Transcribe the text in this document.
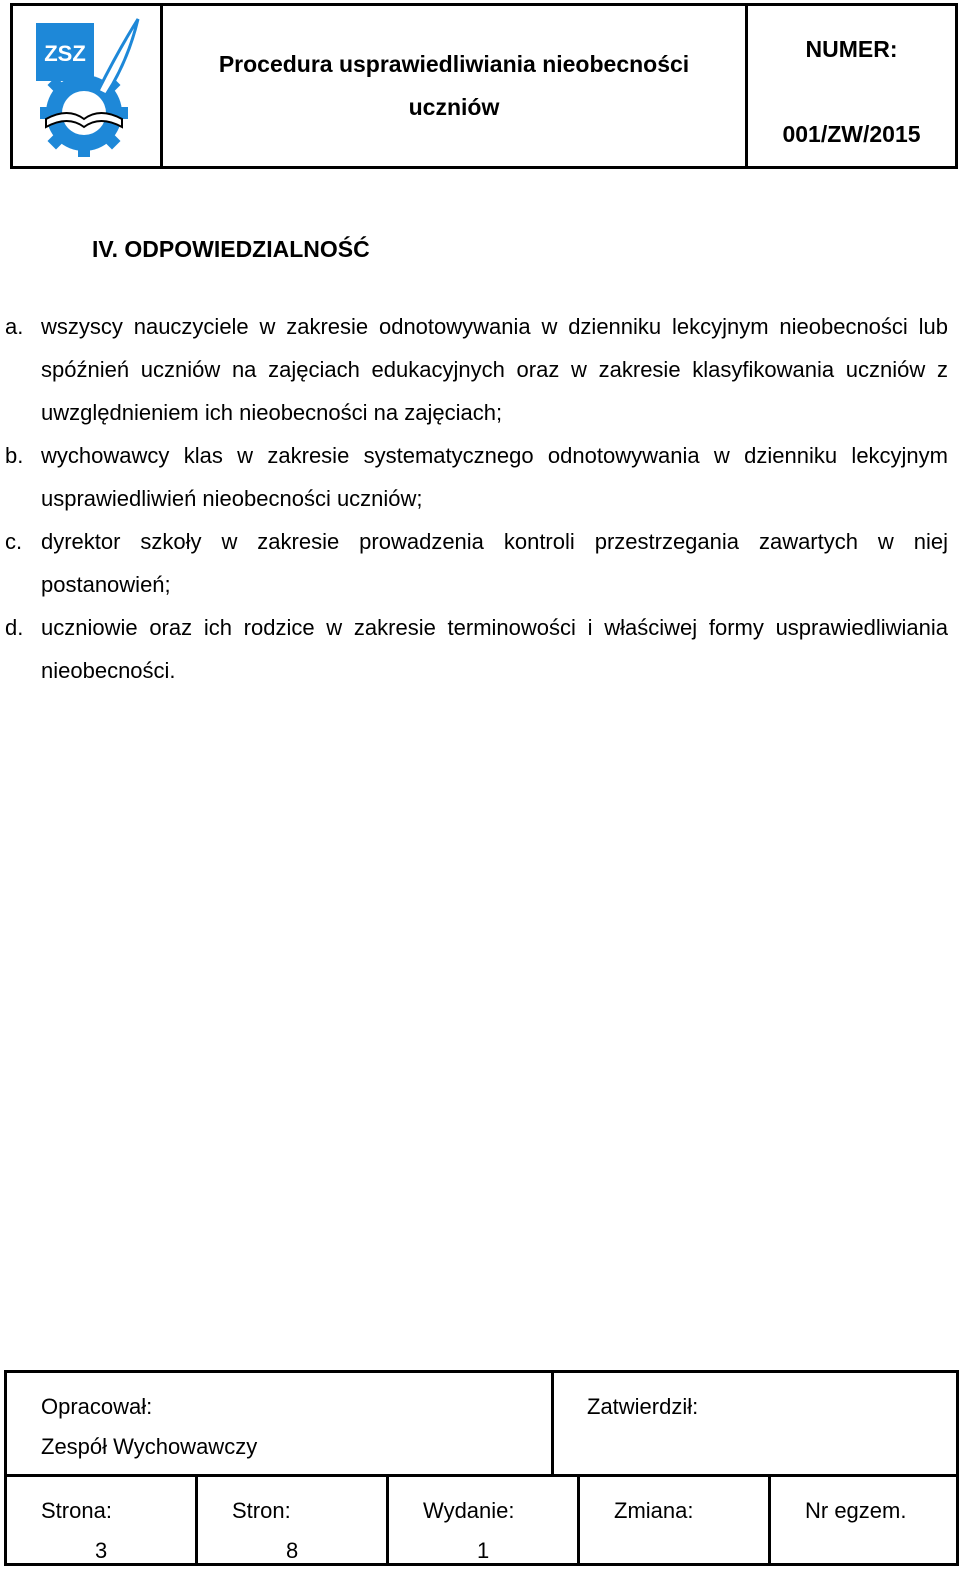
ZSZ	Procedura usprawiedliwiania nieobecności
uczniów
NUMER:
001/ZW/2015
IV. ODPOWIEDZIALNOŚĆ
a. wszyscy nauczyciele w zakresie odnotowywania w dzienniku lekcyjnym nieobecności lub spóźnień uczniów na zajęciach edukacyjnych oraz w zakresie klasyfikowania uczniów z uwzględnieniem ich nieobecności na zajęciach;
b. wychowawcy klas w zakresie systematycznego odnotowywania w dzienniku lekcyjnym usprawiedliwień nieobecności uczniów;
c. dyrektor szkoły w zakresie prowadzenia kontroli przestrzegania zawartych w niej postanowień;
d. uczniowie oraz ich rodzice w zakresie terminowości i właściwej formy usprawiedliwiania nieobecności.
Opracował:
Zespół Wychowawczy
Zatwierdził:
Strona:
3
Stron:
8
Wydanie:
1
Zmiana:	Nr egzem.
